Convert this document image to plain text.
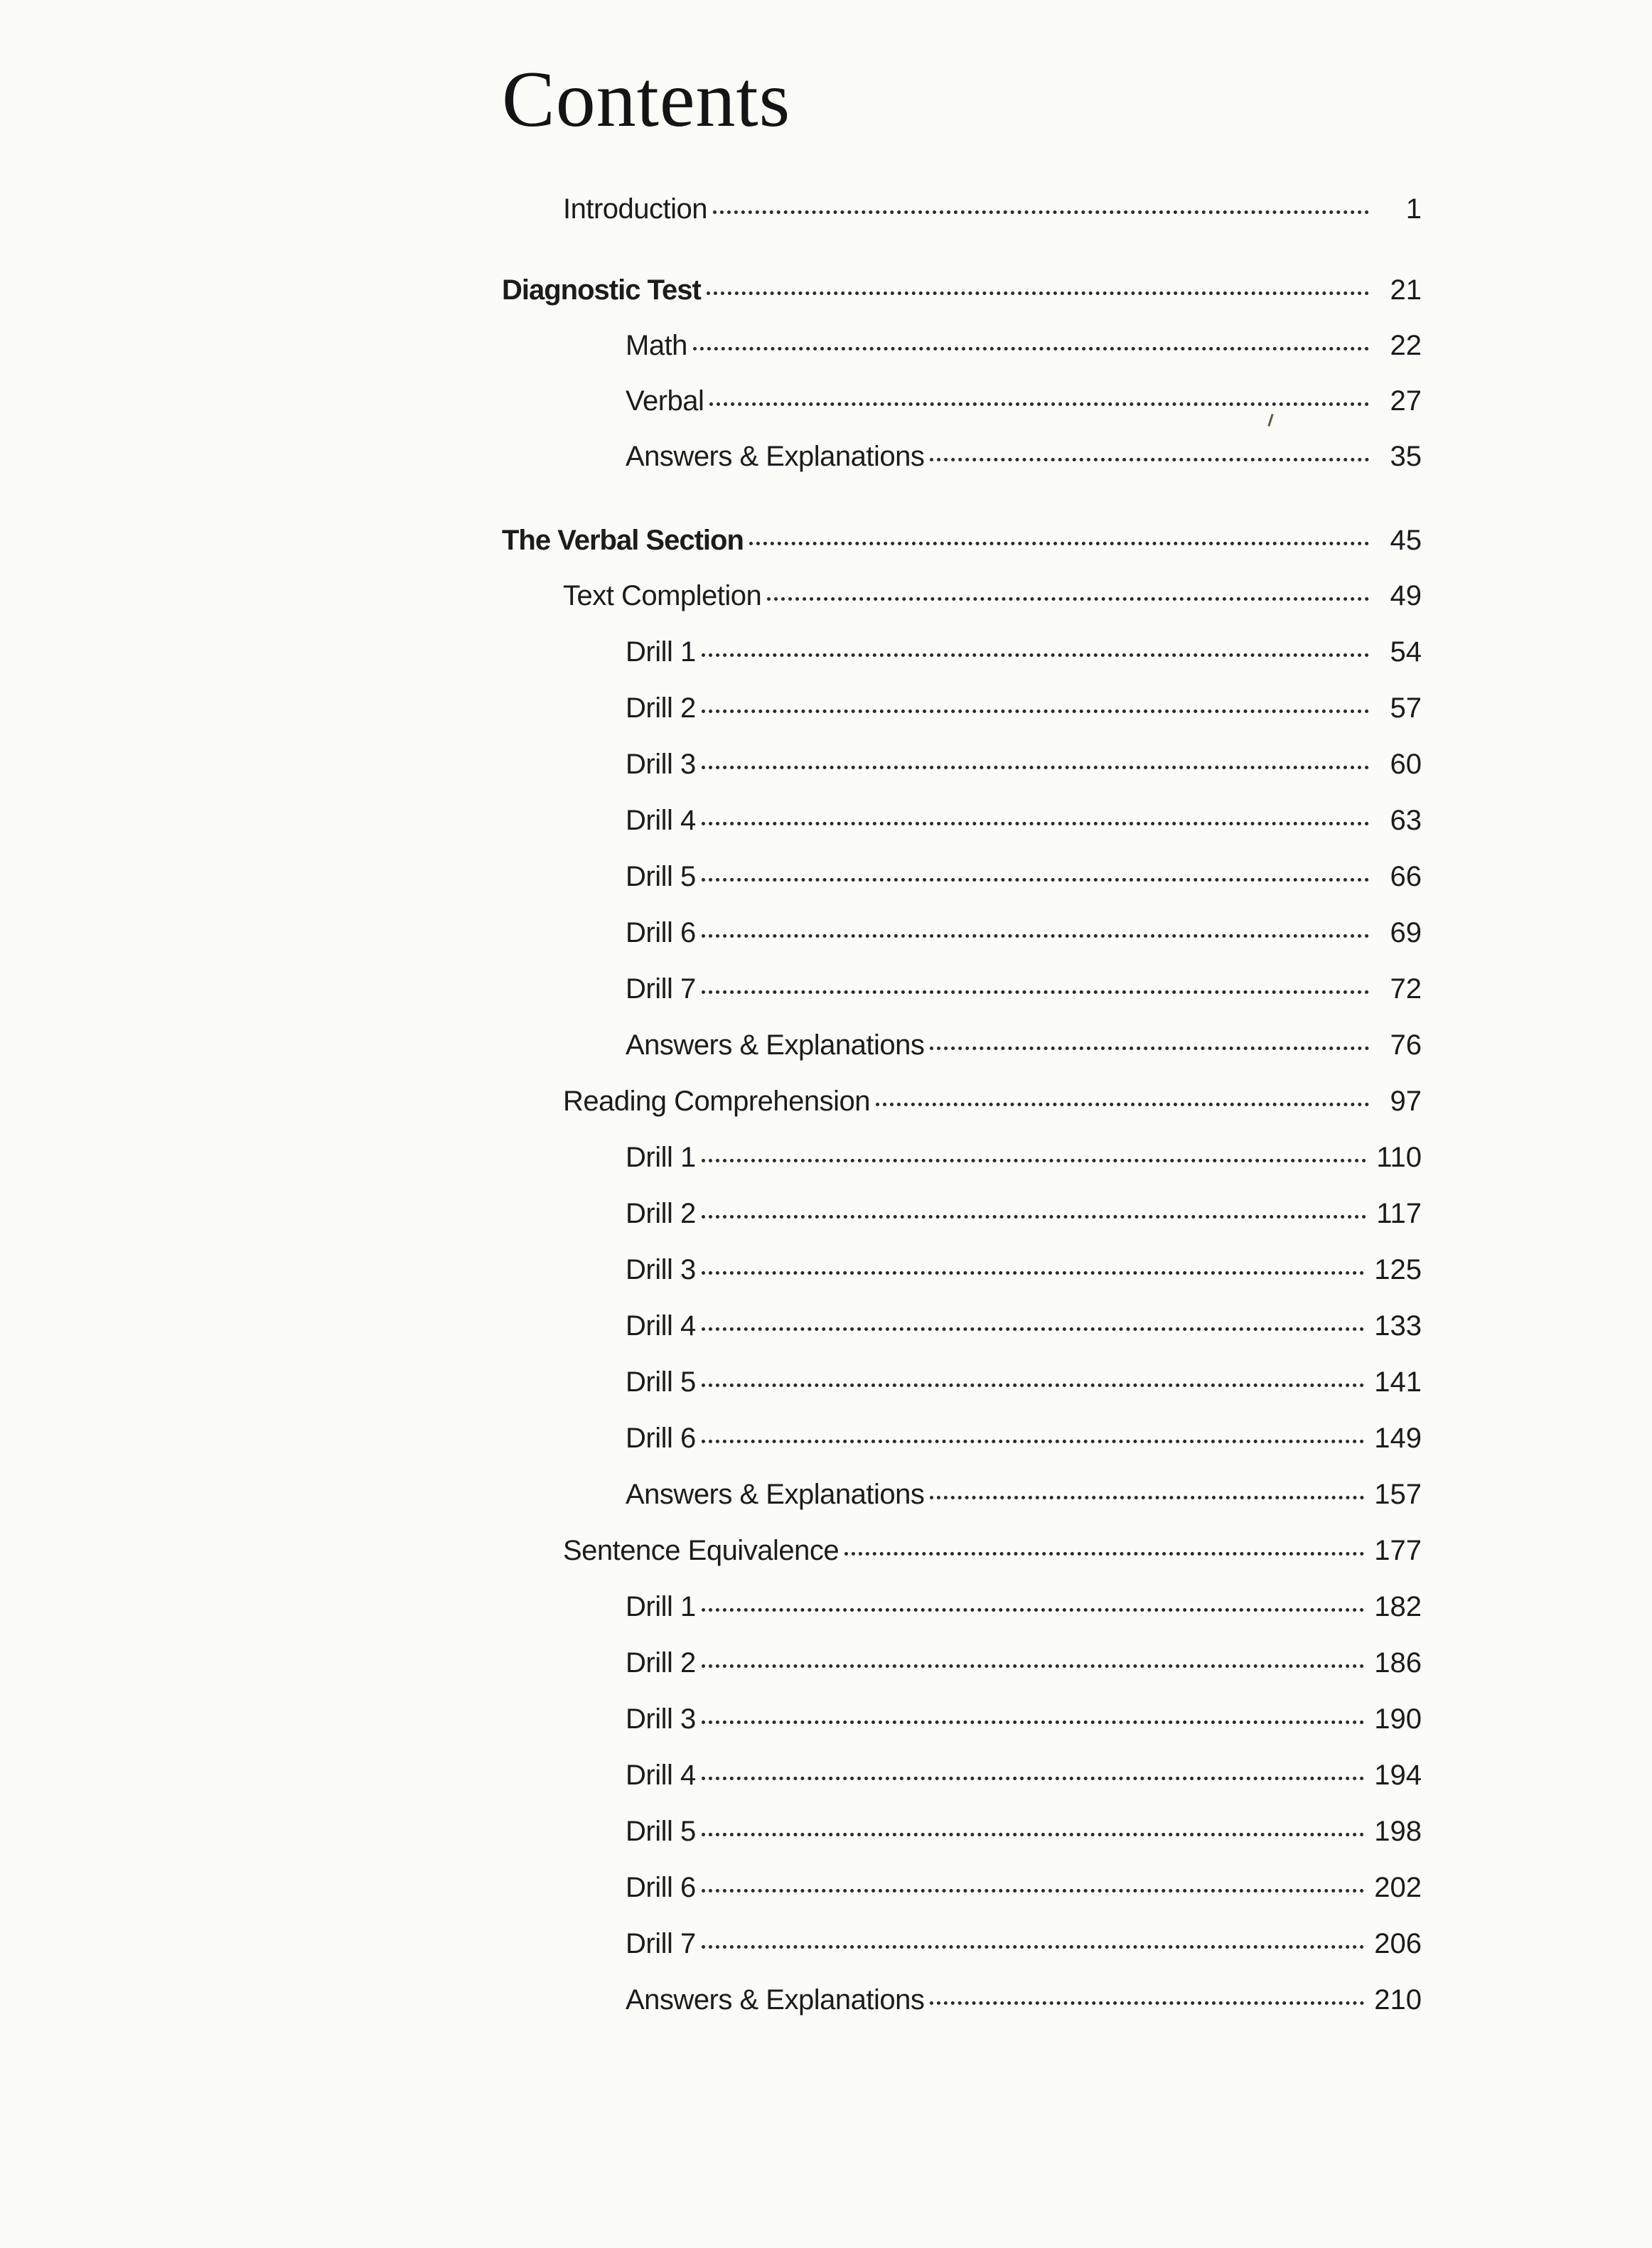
Contents
Introduction	1
Diagnostic Test	21
Math	22
Verbal	27
Answers & Explanations	35
The Verbal Section	45
Text Completion	49
Drill 1	54
Drill 2	57
Drill 3	60
Drill 4	63
Drill 5	66
Drill 6	69
Drill 7	72
Answers & Explanations	76
Reading Comprehension	97
Drill 1	110
Drill 2	117
Drill 3	125
Drill 4	133
Drill 5	141
Drill 6	149
Answers & Explanations	157
Sentence Equivalence	177
Drill 1	182
Drill 2	186
Drill 3	190
Drill 4	194
Drill 5	198
Drill 6	202
Drill 7	206
Answers & Explanations	210
